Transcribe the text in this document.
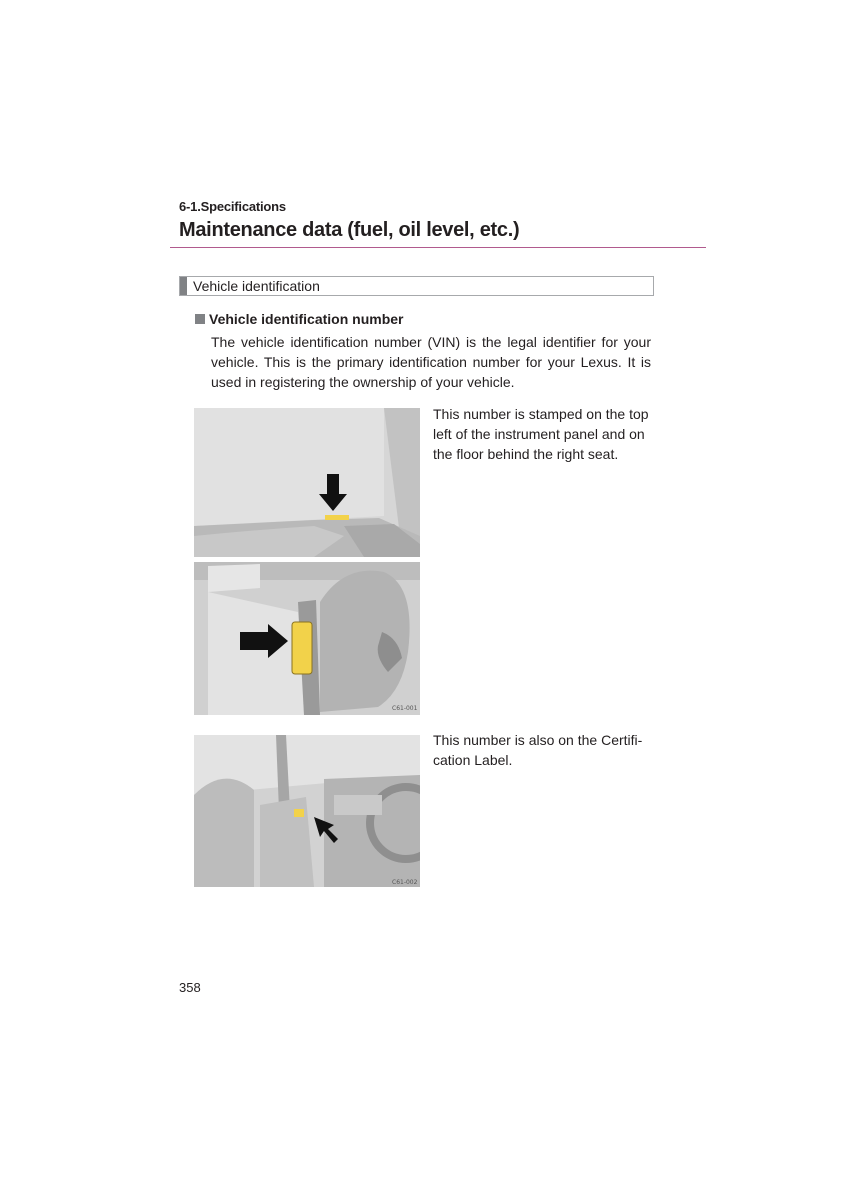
6-1.Specifications
Maintenance data (fuel, oil level, etc.)
Vehicle identification
Vehicle identification number
The vehicle identification number (VIN) is the legal identifier for your vehicle. This is the primary identification number for your Lexus. It is used in registering the ownership of your vehicle.
C61-001
This number is stamped on the top left of the instrument panel and on the floor behind the right seat.
C61-002
This number is also on the Certifi-cation Label.
358
